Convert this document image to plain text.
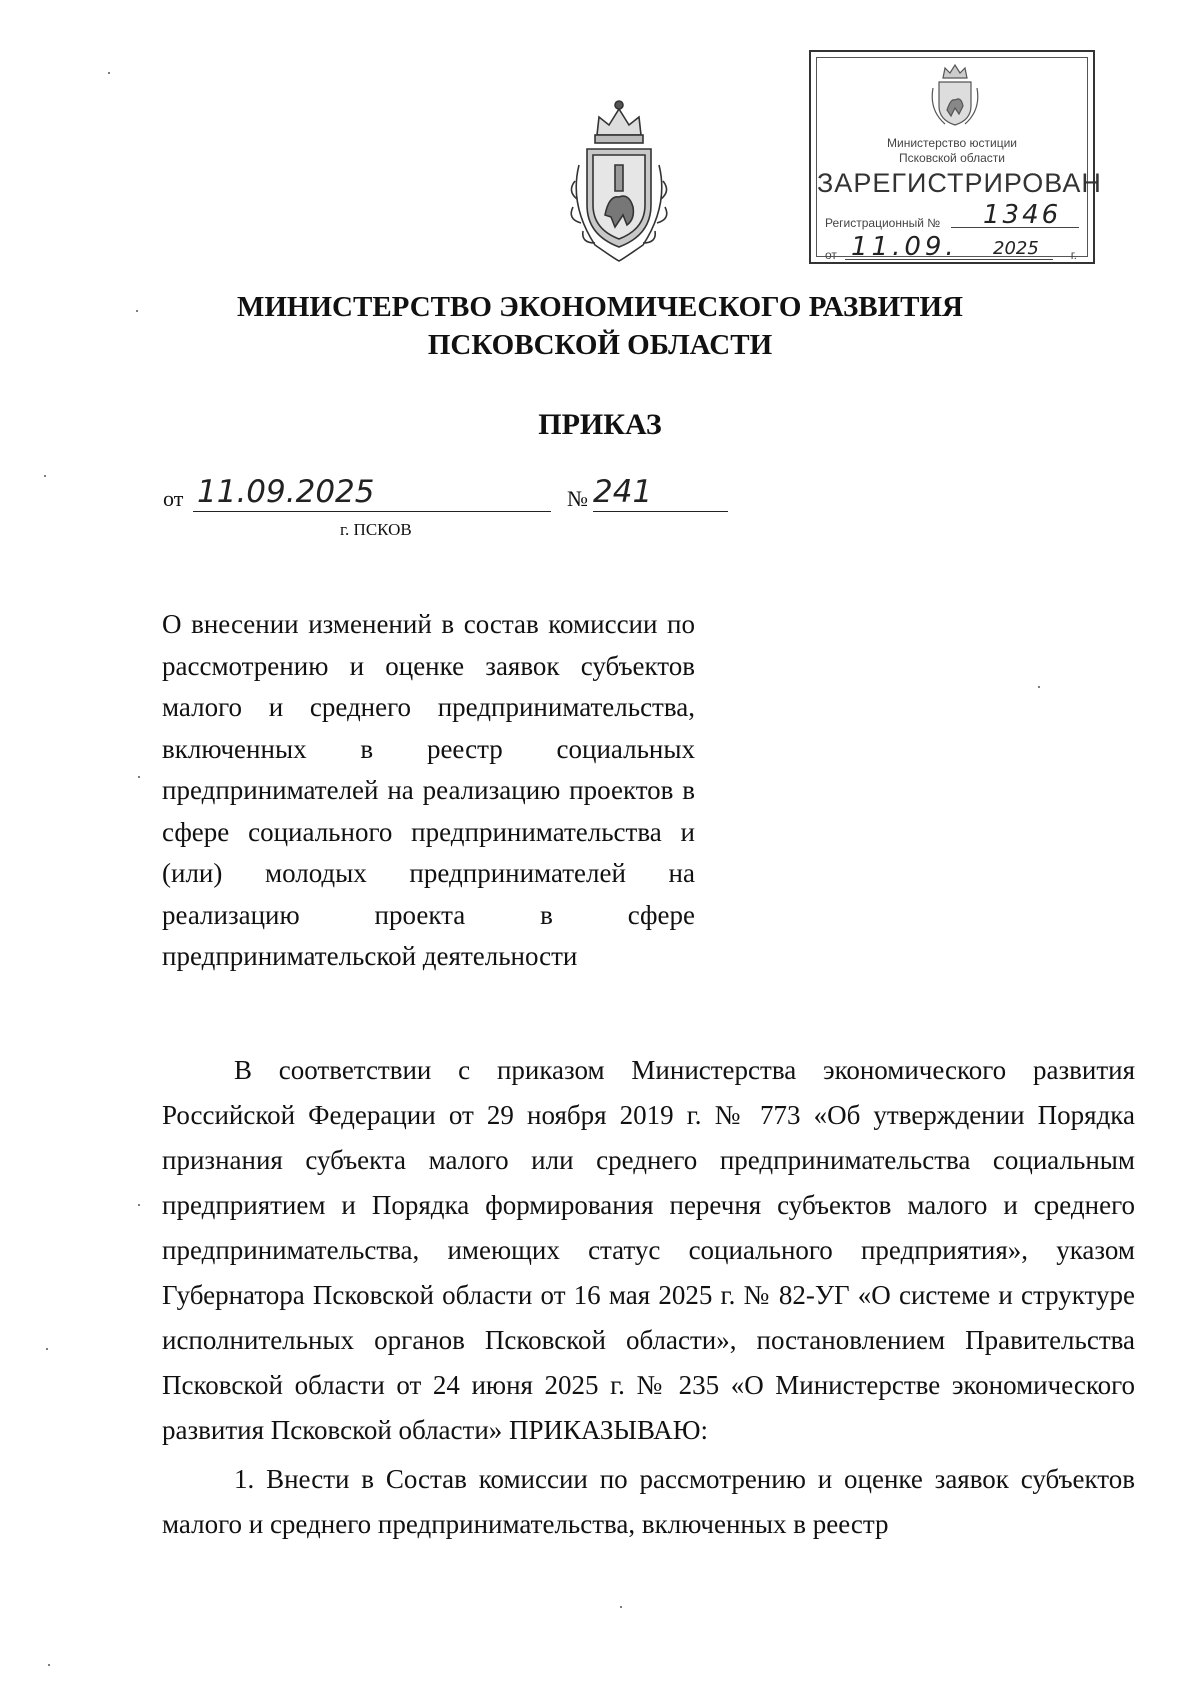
Министерство юстиции
Псковской области
ЗАРЕГИСТРИРОВАН
Регистрационный № 1346
от 11.09. 2025	г.
МИНИСТЕРСТВО ЭКОНОМИЧЕСКОГО РАЗВИТИЯ
ПСКОВСКОЙ ОБЛАСТИ
ПРИКАЗ
от 11.09.2025	№ 241
г. ПСКОВ
О внесении изменений в состав комиссии по рассмотрению и оценке заявок субъектов малого и среднего предпринимательства, включенных в реестр социальных предпринимателей на реализацию проектов в сфере социального предпринимательства и (или) молодых предпринимателей на реализацию проекта в сфере предпринимательской деятельности

В соответствии с приказом Министерства экономического развития Российской Федерации от 29 ноября 2019 г. № 773 «Об утверждении Порядка признания субъекта малого или среднего предпринимательства социальным предприятием и Порядка формирования перечня субъектов малого и среднего предпринимательства, имеющих статус социального предприятия», указом Губернатора Псковской области от 16 мая 2025 г. № 82-УГ «О системе и структуре исполнительных органов Псковской области», постановлением Правительства Псковской области от 24 июня 2025 г. № 235 «О Министерстве экономического развития Псковской области» ПРИКАЗЫВАЮ:

1. Внести в Состав комиссии по рассмотрению и оценке заявок субъектов малого и среднего предпринимательства, включенных в реестр
